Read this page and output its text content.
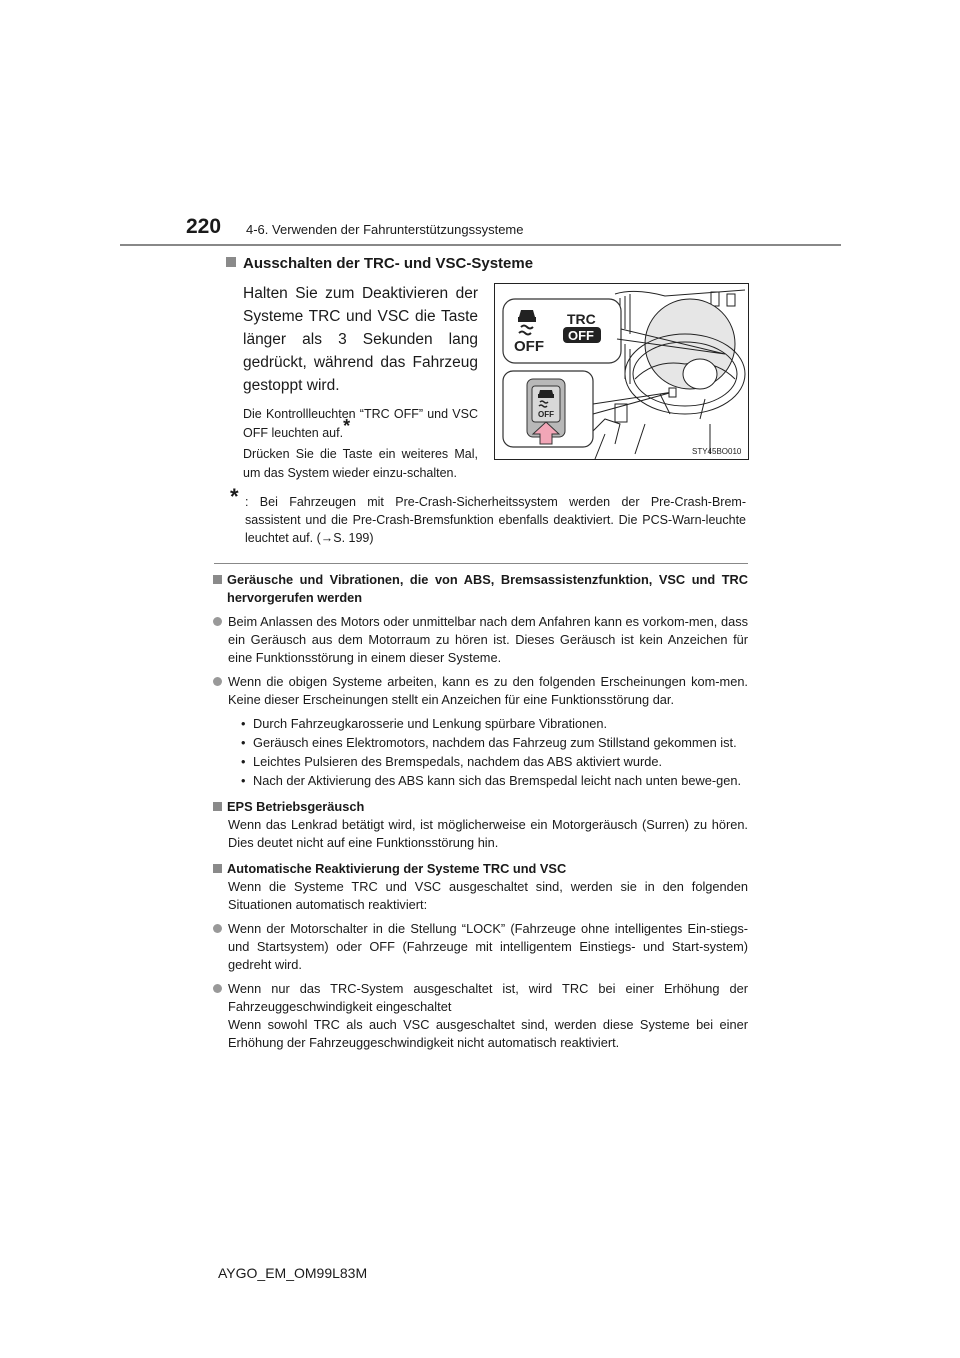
220 4-6. Verwenden der Fahrunterstützungssysteme
Ausschalten der TRC- und VSC-Systeme
Halten Sie zum Deaktivieren der Systeme TRC und VSC die Taste länger als 3 Sekunden lang gedrückt, während das Fahrzeug gestoppt wird.
Die Kontrollleuchten “TRC OFF” und VSC OFF leuchten auf.*
Drücken Sie die Taste ein weiteres Mal, um das System wieder einzu-schalten.
OFF
TRC
OFF
OFF
STY45BO010
* : Bei Fahrzeugen mit Pre-Crash-Sicherheitssystem werden der Pre-Crash-Brem-sassistent und die Pre-Crash-Bremsfunktion ebenfalls deaktiviert. Die PCS-Warn-leuchte leuchtet auf. (→S. 199)
Geräusche und Vibrationen, die von ABS, Bremsassistenzfunktion, VSC und TRC hervorgerufen werden
Beim Anlassen des Motors oder unmittelbar nach dem Anfahren kann es vorkom-men, dass ein Geräusch aus dem Motorraum zu hören ist. Dieses Geräusch ist kein Anzeichen für eine Funktionsstörung in einem dieser Systeme.
Wenn die obigen Systeme arbeiten, kann es zu den folgenden Erscheinungen kom-men. Keine dieser Erscheinungen stellt ein Anzeichen für eine Funktionsstörung dar.
• Durch Fahrzeugkarosserie und Lenkung spürbare Vibrationen.
• Geräusch eines Elektromotors, nachdem das Fahrzeug zum Stillstand gekommen ist.
• Leichtes Pulsieren des Bremspedals, nachdem das ABS aktiviert wurde.
• Nach der Aktivierung des ABS kann sich das Bremspedal leicht nach unten bewe-gen.
EPS Betriebsgeräusch
Wenn das Lenkrad betätigt wird, ist möglicherweise ein Motorgeräusch (Surren) zu hören. Dies deutet nicht auf eine Funktionsstörung hin.
Automatische Reaktivierung der Systeme TRC und VSC
Wenn die Systeme TRC und VSC ausgeschaltet sind, werden sie in den folgenden Situationen automatisch reaktiviert:
Wenn der Motorschalter in die Stellung “LOCK” (Fahrzeuge ohne intelligentes Ein-stiegs- und Startsystem) oder OFF (Fahrzeuge mit intelligentem Einstiegs- und Start-system) gedreht wird.
Wenn nur das TRC-System ausgeschaltet ist, wird TRC bei einer Erhöhung der Fahrzeuggeschwindigkeit eingeschaltet
Wenn sowohl TRC als auch VSC ausgeschaltet sind, werden diese Systeme bei einer Erhöhung der Fahrzeuggeschwindigkeit nicht automatisch reaktiviert.
AYGO_EM_OM99L83M
